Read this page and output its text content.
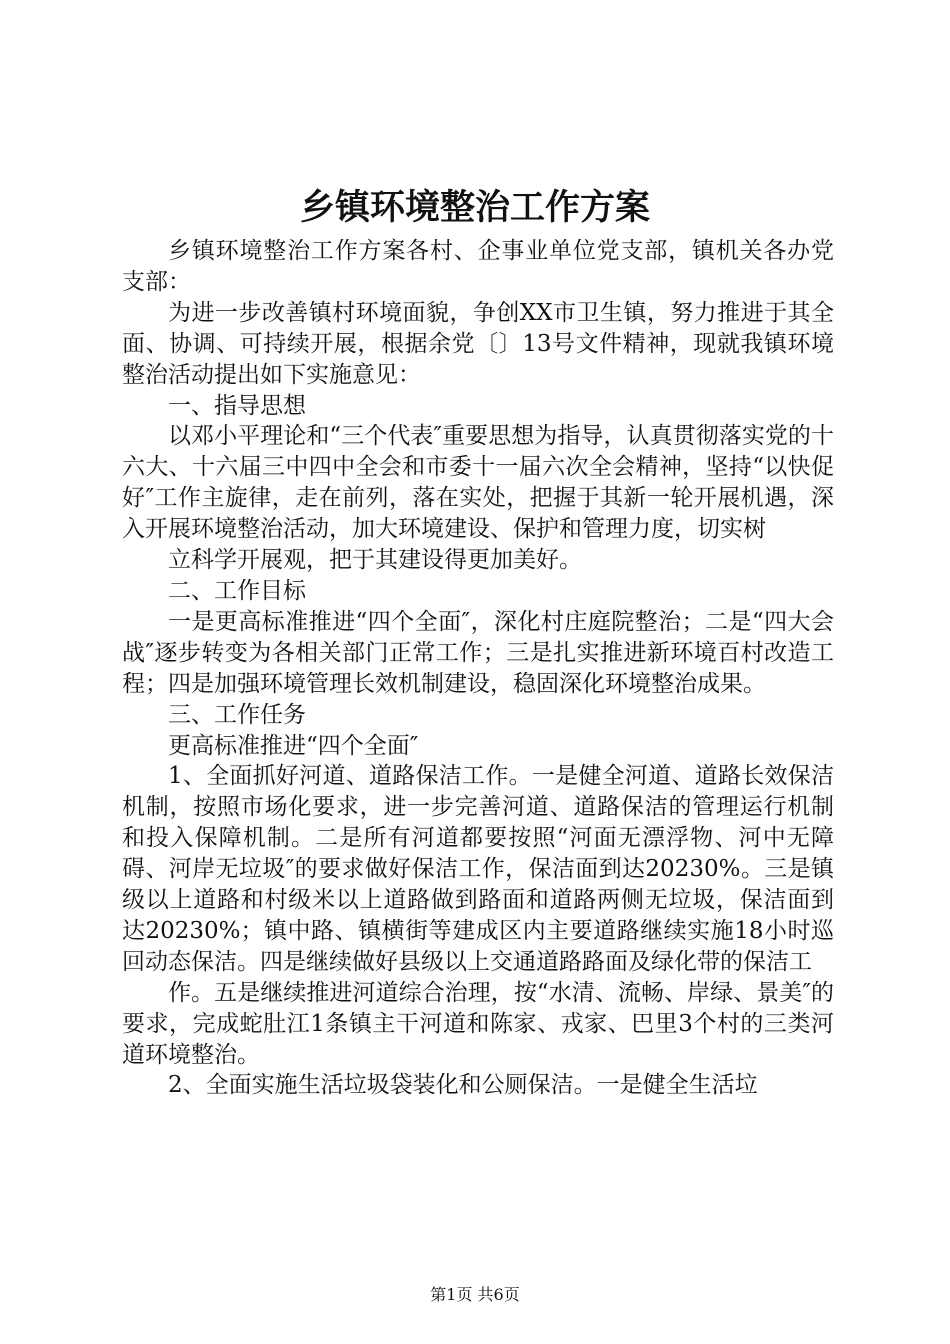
乡镇环境整治工作方案

乡镇环境整治工作方案各村、企事业单位党支部，镇机关各办党支部：

为进一步改善镇村环境面貌，争创XX市卫生镇，努力推进于其全面、协调、可持续开展，根据余党〔〕13号文件精神，现就我镇环境整治活动提出如下实施意见：

一、指导思想

以邓小平理论和“三个代表″重要思想为指导，认真贯彻落实党的十六大、十六届三中四中全会和市委十一届六次全会精神，坚持“以快促好″工作主旋律，走在前列，落在实处，把握于其新一轮开展机遇，深入开展环境整治活动，加大环境建设、保护和管理力度，切实树

立科学开展观，把于其建设得更加美好。

二、工作目标

一是更高标准推进“四个全面″，深化村庄庭院整治；二是“四大会战″逐步转变为各相关部门正常工作；三是扎实推进新环境百村改造工程；四是加强环境管理长效机制建设，稳固深化环境整治成果。

三、工作任务

更高标准推进“四个全面″

1、全面抓好河道、道路保洁工作。一是健全河道、道路长效保洁机制，按照市场化要求，进一步完善河道、道路保洁的管理运行机制和投入保障机制。二是所有河道都要按照“河面无漂浮物、河中无障碍、河岸无垃圾″的要求做好保洁工作，保洁面到达20230%。三是镇级以上道路和村级米以上道路做到路面和道路两侧无垃圾，保洁面到达20230%；镇中路、镇横街等建成区内主要道路继续实施18小时巡回动态保洁。四是继续做好县级以上交通道路路面及绿化带的保洁工

作。五是继续推进河道综合治理，按“水清、流畅、岸绿、景美″的要求，完成蛇肚江1条镇主干河道和陈家、戎家、巴里3个村的三类河道环境整治。

2、全面实施生活垃圾袋装化和公厕保洁。一是健全生活垃

第1页 共6页
